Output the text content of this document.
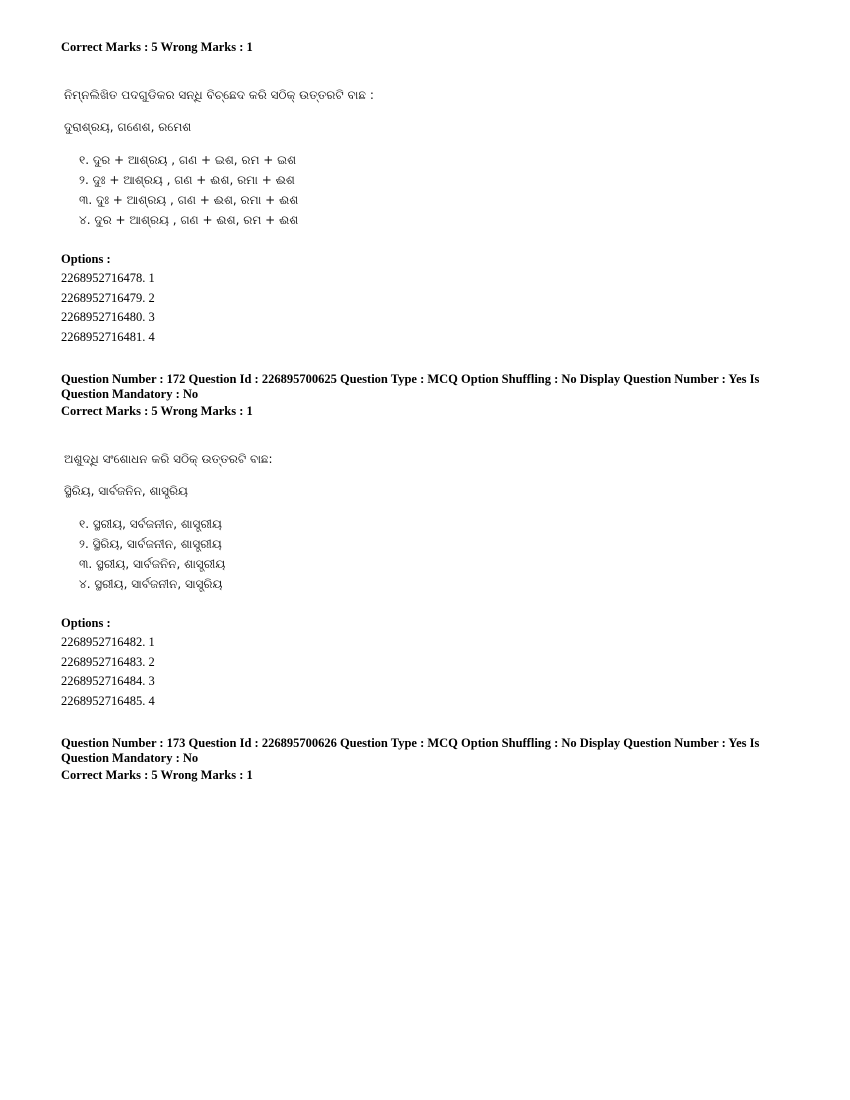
Correct Marks : 5 Wrong Marks : 1
ନିମ୍ନଲିଖିତ ପଦଗୁଡିକର ସନ୍ଧି ବିଚ୍ଛେଦ କରି ସଠିକ୍ ଉତ୍ତରଟି ବାଛ :
ଦୁରାଶ୍ରୟ, ଗଣେଶ, ରମେଶ
୧. ଦୁର + ଆଶ୍ରୟ , ଗଣ + ଇଶ, ରମ + ଇଶ
୨. ଦୁଃ + ଆଶ୍ରୟ , ଗଣ + ଈଶ, ରମା + ଈଶ
୩. ଦୁଃ + ଆଶ୍ରୟ , ଗଣ + ଈଶ, ରମା + ଈଶ
୪. ଦୁର + ଆଶ୍ରୟ , ଗଣ + ଈଶ, ରମ + ଈଶ
Options :
2268952716478. 1
2268952716479. 2
2268952716480. 3
2268952716481. 4
Question Number : 172 Question Id : 226895700625 Question Type : MCQ Option Shuffling : No Display Question Number : Yes Is
Question Mandatory : No
Correct Marks : 5 Wrong Marks : 1
ଅଶୁଦ୍ଧି ସଂଶୋଧନ କରି ସଠିକ୍ ଉତ୍ତରଟି ବାଛ:
ସ୍ଥିରିୟ, ସାର୍ବଜନିନ, ଶାସ୍ତ୍ରିୟ
୧. ସ୍ଥରୀୟ, ସର୍ବଜନୀନ, ଶାସ୍ତ୍ରୀୟ
୨. ସ୍ଥିରିୟ, ସାର୍ବଜନୀନ, ଶାସ୍ତ୍ରୀୟ
୩. ସ୍ଥରୀୟ, ସାର୍ବଜନିନ, ଶାସ୍ତ୍ରୀୟ
୪. ସ୍ଥରୀୟ, ସାର୍ବଜନୀନ, ସାସ୍ତ୍ରିୟ
Options :
2268952716482. 1
2268952716483. 2
2268952716484. 3
2268952716485. 4
Question Number : 173 Question Id : 226895700626 Question Type : MCQ Option Shuffling : No Display Question Number : Yes Is
Question Mandatory : No
Correct Marks : 5 Wrong Marks : 1
